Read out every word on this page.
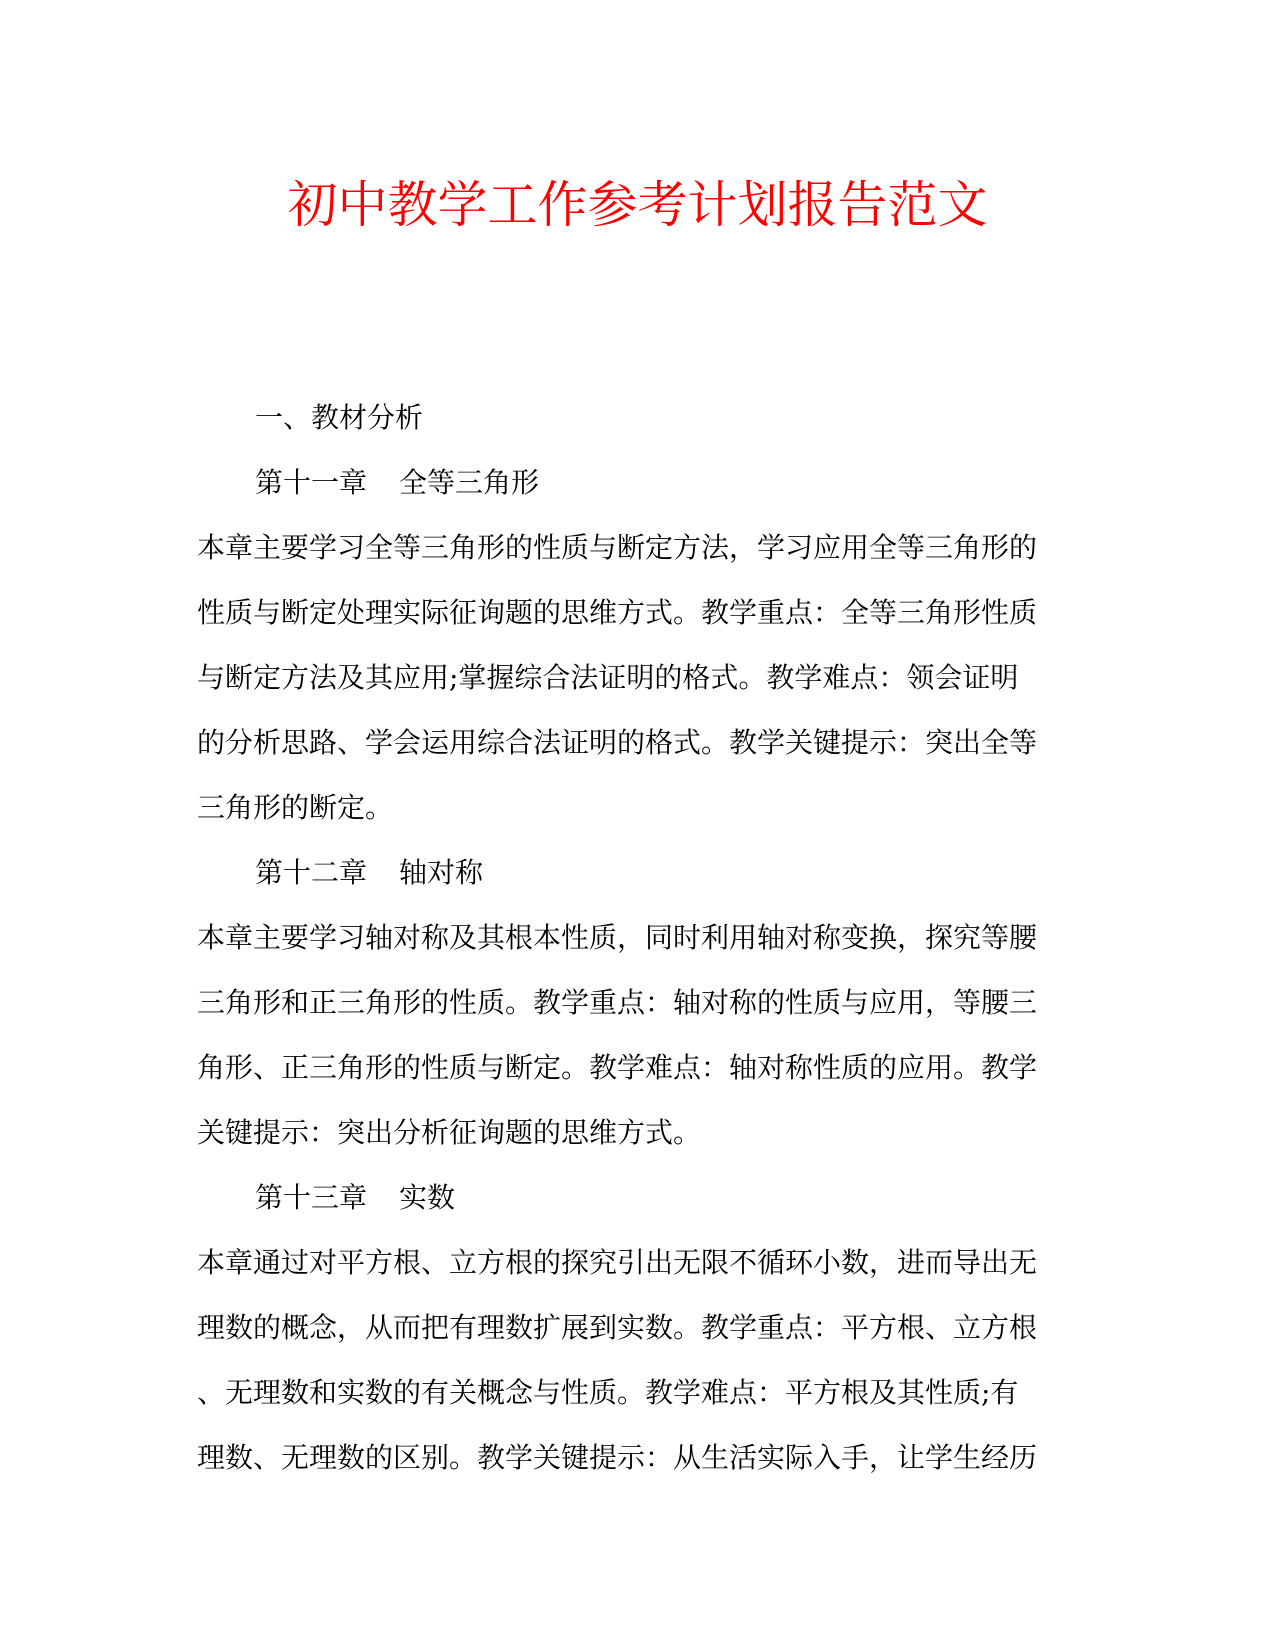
初中教学工作参考计划报告范文
一、教材分析
第十一章 全等三角形
本章主要学习全等三角形的性质与断定方法，学习应用全等三角形的
性质与断定处理实际征询题的思维方式。教学重点：全等三角形性质
与断定方法及其应用;掌握综合法证明的格式。教学难点：领会证明
的分析思路、学会运用综合法证明的格式。教学关键提示：突出全等
三角形的断定。
第十二章 轴对称
本章主要学习轴对称及其根本性质，同时利用轴对称变换，探究等腰
三角形和正三角形的性质。教学重点：轴对称的性质与应用，等腰三
角形、正三角形的性质与断定。教学难点：轴对称性质的应用。教学
关键提示：突出分析征询题的思维方式。
第十三章 实数
本章通过对平方根、立方根的探究引出无限不循环小数，进而导出无
理数的概念，从而把有理数扩展到实数。教学重点：平方根、立方根
、无理数和实数的有关概念与性质。教学难点：平方根及其性质;有
理数、无理数的区别。教学关键提示：从生活实际入手，让学生经历
